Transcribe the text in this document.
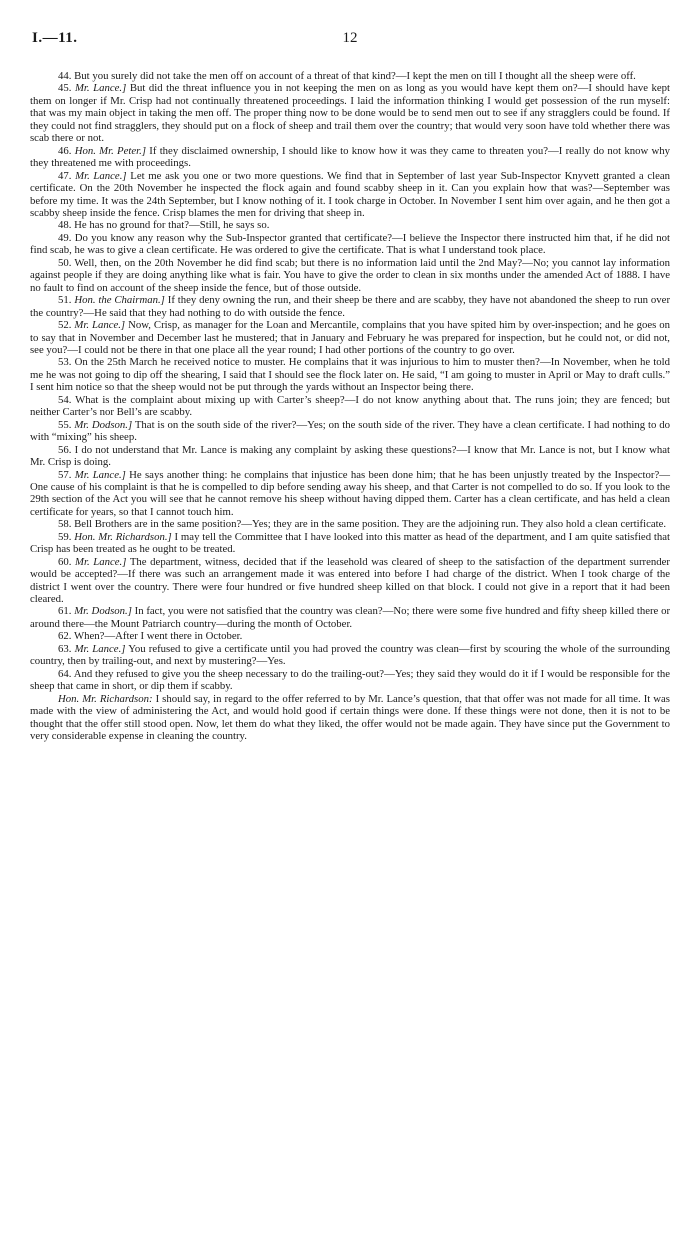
12
I.—11.

44. But you surely did not take the men off on account of a threat of that kind?—I kept the men on till I thought all the sheep were off.

45. Mr. Lance.] But did the threat influence you in not keeping the men on as long as you would have kept them on?—I should have kept them on longer if Mr. Crisp had not continually threatened proceedings. I laid the information thinking I would get possession of the run myself: that was my main object in taking the men off. The proper thing now to be done would be to send men out to see if any stragglers could be found. If they could not find stragglers, they should put on a flock of sheep and trail them over the country; that would very soon have told whether there was scab there or not.

46. Hon. Mr. Peter.] If they disclaimed ownership, I should like to know how it was they came to threaten you?—I really do not know why they threatened me with proceedings.

47. Mr. Lance.] Let me ask you one or two more questions. We find that in September of last year Sub-Inspector Knyvett granted a clean certificate. On the 20th November he inspected the flock again and found scabby sheep in it. Can you explain how that was?—September was before my time. It was the 24th September, but I know nothing of it. I took charge in October. In November I sent him over again, and he then got a scabby sheep inside the fence. Crisp blames the men for driving that sheep in.

48. He has no ground for that?—Still, he says so.

49. Do you know any reason why the Sub-Inspector granted that certificate?—I believe the Inspector there instructed him that, if he did not find scab, he was to give a clean certificate. He was ordered to give the certificate. That is what I understand took place.

50. Well, then, on the 20th November he did find scab; but there is no information laid until the 2nd May?—No; you cannot lay information against people if they are doing anything like what is fair. You have to give the order to clean in six months under the amended Act of 1888. I have no fault to find on account of the sheep inside the fence, but of those outside.

51. Hon. the Chairman.] If they deny owning the run, and their sheep be there and are scabby, they have not abandoned the sheep to run over the country?—He said that they had nothing to do with outside the fence.

52. Mr. Lance.] Now, Crisp, as manager for the Loan and Mercantile, complains that you have spited him by over-inspection; and he goes on to say that in November and December last he mustered; that in January and February he was prepared for inspection, but he could not, or did not, see you?—I could not be there in that one place all the year round; I had other portions of the country to go over.

53. On the 25th March he received notice to muster. He complains that it was injurious to him to muster then?—In November, when he told me he was not going to dip off the shearing, I said that I should see the flock later on. He said, “I am going to muster in April or May to draft culls.” I sent him notice so that the sheep would not be put through the yards without an Inspector being there.

54. What is the complaint about mixing up with Carter’s sheep?—I do not know anything about that. The runs join; they are fenced; but neither Carter’s nor Bell’s are scabby.

55. Mr. Dodson.] That is on the south side of the river?—Yes; on the south side of the river. They have a clean certificate. I had nothing to do with “mixing” his sheep.

56. I do not understand that Mr. Lance is making any complaint by asking these questions?—I know that Mr. Lance is not, but I know what Mr. Crisp is doing.

57. Mr. Lance.] He says another thing: he complains that injustice has been done him; that he has been unjustly treated by the Inspector?—One cause of his complaint is that he is compelled to dip before sending away his sheep, and that Carter is not compelled to do so. If you look to the 29th section of the Act you will see that he cannot remove his sheep without having dipped them. Carter has a clean certificate, and has held a clean certificate for years, so that I cannot touch him.

58. Bell Brothers are in the same position?—Yes; they are in the same position. They are the adjoining run. They also hold a clean certificate.

59. Hon. Mr. Richardson.] I may tell the Committee that I have looked into this matter as head of the department, and I am quite satisfied that Crisp has been treated as he ought to be treated.

60. Mr. Lance.] The department, witness, decided that if the leasehold was cleared of sheep to the satisfaction of the department surrender would be accepted?—If there was such an arrangement made it was entered into before I had charge of the district. When I took charge of the district I went over the country. There were four hundred or five hundred sheep killed on that block. I could not give in a report that it had been cleared.

61. Mr. Dodson.] In fact, you were not satisfied that the country was clean?—No; there were some five hundred and fifty sheep killed there or around there—the Mount Patriarch country—during the month of October.

62. When?—After I went there in October.

63. Mr. Lance.] You refused to give a certificate until you had proved the country was clean—first by scouring the whole of the surrounding country, then by trailing-out, and next by mustering?—Yes.

64. And they refused to give you the sheep necessary to do the trailing-out?—Yes; they said they would do it if I would be responsible for the sheep that came in short, or dip them if scabby.

Hon. Mr. Richardson: I should say, in regard to the offer referred to by Mr. Lance’s question, that that offer was not made for all time. It was made with the view of administering the Act, and would hold good if certain things were done. If these things were not done, then it is not to be thought that the offer still stood open. Now, let them do what they liked, the offer would not be made again. They have since put the Government to very considerable expense in cleaning the country.
